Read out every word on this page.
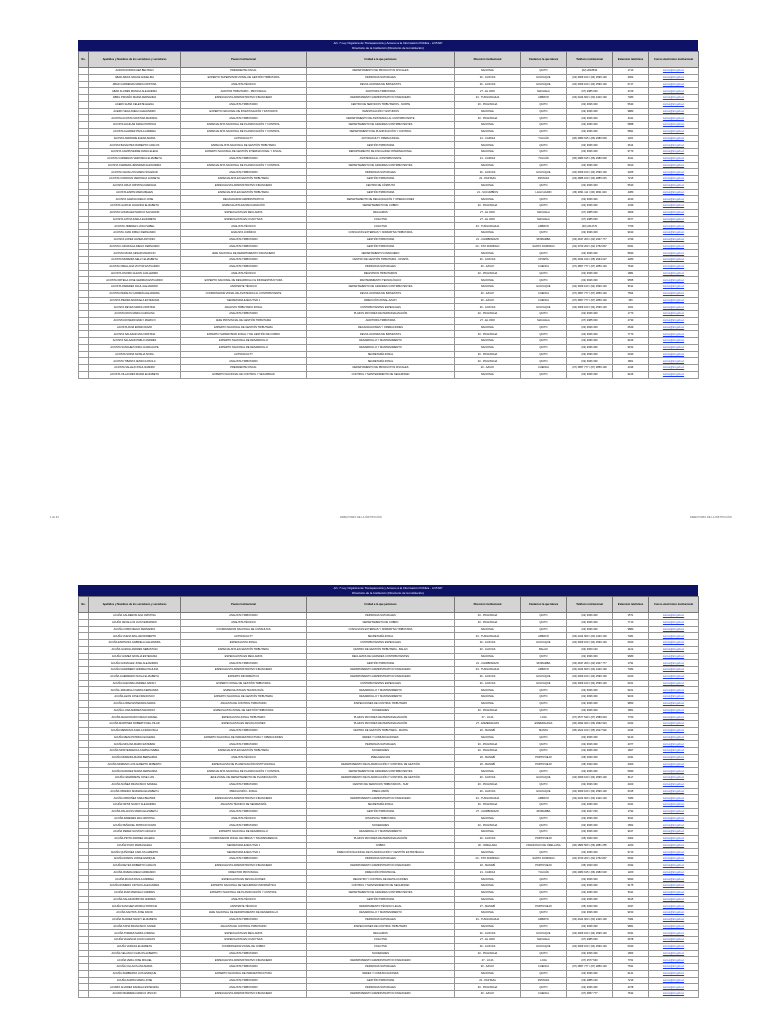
Art. 7 Ley Orgánica de Transparencia y Acceso a la Información Pública - LOTAIP
Directorio de la Institución (Directorio de la institución)
No.	Apellidos y Nombres de los servidores y servidoras	Puesto Institucional	Unidad a la que pertenece	Dirección institucional	Ciudad en la que labora	Teléfono institucional	Extensión telefónica	Correo electrónico institucional
	AARON RODRIGUEZ BELTRAN	PRESIDENTE FISCAL	DEPARTAMENTO DE PRODUCTOS FISCALES	NACIONAL	QUITO	(02) 2618510	1710	correo@sri.gob.ec
	ABAD ARIAS GRACE ANGELINA	EXPERTO SUPERVISOR ZONAL DE GESTIÓN TRIBUTARIA	PERSONAS NATURALES	20 - GUAYAS	GUAYAQUIL	(04) 3009 100 / (04) 2599 100	3062	correo@sri.gob.ec
	ABAD CARDENAS MARIA CRISTINA	ANALISTA TÉCNICO	DEVOLUCIONES DE IMPUESTOS	20 - GUAYAS	GUAYAQUIL	(04) 3009 100 / (04) 2599 100	6717	correo@sri.gob.ec
	ABAD FLORES MONICA ALEJANDRA	AUDITOR TRIBUTARIO - PROVINCIAL	AUDITORIA TRIBUTARIA	27 - EL ORO	MACHALA	(07) 2985 000	2729	correo@sri.gob.ec
	ABRIL PROAÑO MARIA FERNANDA	ESPECIALISTA ADMINISTRATIVO FINANCIERO	DEPARTAMENTO ADMINISTRATIVO FINANCIERO	23 - TUNGURAHUA	AMBATO	(03) 2424 600 / (03) 2420 100	7480	correo@sri.gob.ec
	ACERO ALBIA CELESTE ELENA	ANALISTA TRIBUTARIO	CENTRO DE SERVICIOS TRIBUTARIOS - NORTE	20 - PICHINCHA	QUITO	(02) 3936 300	5633	correo@sri.gob.ec
	ACERO VEGA DIEGO ALEJANDRO	EXPERTO NACIONAL DE INVESTIGACIÓN Y ESTUDIOS	INVESTIGACIÓN Y ESTUDIOS	NACIONAL	QUITO	(02) 3936 300	9880	correo@sri.gob.ec
	ACOSTA ACOSTA CRISTINA MARISOL	ANALISTA TRIBUTARIO	DEPARTAMENTO DE ASISTENCIA AL CONTRIBUYENTE	20 - PICHINCHA	QUITO	(02) 3936 300	4011	correo@sri.gob.ec
	ACOSTA AGUILAR DIANA PATRICIA	ESPECIALISTA NACIONAL DE PLANIFICACIÓN Y CONTROL	DEPARTAMENTO DE GRANDES CONTRIBUYENTES	NACIONAL	QUITO	(02) 3936 300	5888	correo@sri.gob.ec
	ACOSTA ALVAREZ PAOLA ANDREA	ESPECIALISTA NACIONAL DE PLANIFICACIÓN Y CONTROL	DEPARTAMENTO DE PLANIFICACIÓN Y CONTROL	NACIONAL	QUITO	(02) 3936 300	5891	correo@sri.gob.ec
	ACOSTA ANDRADE ELENA MARIA	AUTOFACULTY	AUTOFACULTY OPERACIONAL	21 - CARCHI	TULCÁN	(06) 2980 615 / (06) 2980 618	1201	correo@sri.gob.ec
	ACOSTA BASANTES ROBERTO CARLOS	ESPECIALISTA NACIONAL DE GESTIÓN TRIBUTARIA	GESTIÓN TRIBUTARIA	NACIONAL	QUITO	(02) 3936 300	3614	correo@sri.gob.ec
	ACOSTA CAMPOVERDE DIANA ELENA	EXPERTO NACIONAL DE GESTIÓN INTERNACIONAL Y FISCAL	DEPARTAMENTO DE FISCALIDAD INTERNACIONAL	NACIONAL	QUITO	(02) 3936 300	9770	correo@sri.gob.ec
	ACOSTA CARDENAS VERONICA ELIZABETH	ANALISTA TRIBUTARIO	ASISTENCIA AL CONTRIBUYENTE	21 - CARCHI	TULCÁN	(06) 2980 615 / (06) 2980 618	4011	correo@sri.gob.ec
	ACOSTA CARRERA JENNIFER ALEXANDRA	ESPECIALISTA NACIONAL DE PLANIFICACIÓN Y CONTROL	DEPARTAMENTO DE GRANDES CONTRIBUYENTES	NACIONAL	QUITO	(02) 3936 300	5910	correo@sri.gob.ec
	ACOSTA CEVALLOS MARIA SOLEDAD	ANALISTA TRIBUTARIO	PERSONAS NATURALES	20 - GUAYAS	GUAYAQUIL	(04) 3009 100 / (04) 2599 100	3265	correo@sri.gob.ec
	ACOSTA CORDOVA VERONICA JANNETH	ESPECIALISTA EN GESTIÓN TRIBUTARIA	GESTIÓN TRIBUTARIA	22 - PASTAZA	PASTAZA	(03) 2885 100 / (03) 2885 015	7215	correo@sri.gob.ec
	ACOSTA CRUZ CRISTINA MARIANA	ESPECIALISTA ADMINISTRATIVO FINANCIERO	CENTRO DE CÓMPUTO	NACIONAL	QUITO	(02) 3936 300	5630	correo@sri.gob.ec
	ACOSTA ESPIN MARIA BELEN	ESPECIALISTA EN GESTIÓN TRIBUTARIA	GESTIÓN TRIBUTARIA	21 - SUCUMBÍOS	LAGO AGRIO	(06) 2831 111 / (06) 2831 020	4380	correo@sri.gob.ec
	ACOSTA GARCIA DIEGO JOSE	RECAUDADOR ADMINISTRATIVO	DEPARTAMENTO DE RECAUDACIÓN Y OPERACIONES	NACIONAL	QUITO	(02) 3936 300	4190	correo@sri.gob.ec
	ACOSTA GARCIA JOHANNA ELIZABETH	ESPECIALISTA EN RECAUDACIÓN	DEPARTAMENTO DE COBRO	20 - PICHINCHA	QUITO	(02) 3936 300	1339	correo@sri.gob.ec
	ACOSTA GONZALEZ MARCO SALVADOR	ESPECIALISTA EN RECLAMOS	RECLAMOS	27 - EL ORO	MACHALA	(07) 2985 000	2669	correo@sri.gob.ec
	ACOSTA JATIVA KARLA ELIZABETH	ESPECIALISTA EN COACTIVAS	COACTIVA	27 - EL ORO	MACHALA	(07) 2985 000	2677	correo@sri.gob.ec
	ACOSTA JIMENEZ LUCIA ISABEL	ANALISTA TÉCNICO	COACTIVA	23 - TUNGURAHUA	AMBATO	(03) 2411770	7769	correo@sri.gob.ec
	ACOSTA JUAN PABLO FERNANDO	ANALISTA JURÍDICO	CONSULTAS EXTERNAS Y NORMATIVA TRIBUTARIA	NACIONAL	QUITO	(02) 3936 300	9190	correo@sri.gob.ec
	ACOSTA LOPEZ JAVIER ANTONIO	ANALISTA TRIBUTARIO	GESTIÓN TRIBUTARIA	21 - CHIMBORAZO	RIOBAMBA	(03) 2947 200 / (03) 2947 777	1799	correo@sri.gob.ec
	ACOSTA LUZURIAGA DIEGO FERNANDO	ANALISTA TRIBUTARIO	GESTIÓN TRIBUTARIA	23 - STO DOMINGO	SANTO DOMINGO	(02) 3760 200 / (02) 2752 837	6931	correo@sri.gob.ec
	ACOSTA MORA CESAR MAURICIO	JEFE NACIONAL DE DEPARTAMENTO FINANCIERO	DEPARTAMENTO FINANCIERO	NACIONAL	QUITO	(02) 3936 300	5830	correo@sri.gob.ec
	ACOSTA MOREIRA NELLY ELIZABETH	ANALISTA TRIBUTARIO	CENTRO DE GESTIÓN TRIBUTARIA - UPIAPÍA	20 - GUAYAS	UPIAPÍA	(05) 2934 010 / (05) 2934 027	4280	correo@sri.gob.ec
	ACOSTA ORELLANA VICTOR ESTUARDO	ANALISTA TRIBUTARIO	PERSONAS NATURALES	20 - AZUAY	CUENCA	(07) 2857 777 / (07) 2859 100	7630	correo@sri.gob.ec
	ACOSTA OSORIO ALEXIS GUILLERMO	ANALISTA TÉCNICO	REGISTROS TRIBUTARIOS	20 - PICHINCHA	QUITO	(02) 3936 300	1881	correo@sri.gob.ec
	ACOSTA ORTEGA JOSE GERMAN ESTUARDO	EXPERTO NACIONAL DE DESARROLLO E INFRAESTRUCTURA	MANTENIMIENTO TECNOLÓGICO	NACIONAL	QUITO	(02) 3936 300	9555	correo@sri.gob.ec
	ACOSTA PAREDES RAUL ALEJANDRO	ASISTENTE TÉCNICO	DEPARTAMENTO DE GRANDES CONTRIBUYENTES	NACIONAL	GUAYAQUIL	(04) 3009 100 / (04) 2599 100	6611	correo@sri.gob.ec
	ACOSTA PERALTA CARMEN ALEJANDRA	COORDINADOR ZONAL DE ASISTENCIA AL CONTRIBUYENTE	DEVOLUCIONES DE IMPUESTOS	20 - AZUAY	CUENCA	(07) 2857 777 / (07) 2859 100	7564	correo@sri.gob.ec
	ACOSTA PIEDRA MARICELA ESTEFANIA	SECRETARIA EJECUTIVA 1	DIRECCIÓN ZONAL AZUAY	20 - AZUAY	CUENCA	(07) 2857 777 / (07) 2859 100	335	correo@sri.gob.ec
	ACOSTA REYES MARIA CRISTINA	ANALISTA TRIBUTARIO ZONAL	CONTRIBUYENTES ESPECIALES	20 - GUAYAS	GUAYAQUIL	(04) 3009 100 / (04) 2599 100	1021	correo@sri.gob.ec
	ACOSTA RIOS MARIA CAROLINA	ANALISTA TRIBUTARIO	PLAZOS MAYORES DE PERSONALIZACIÓN	20 - PICHINCHA	QUITO	(02) 3936 300	1770	correo@sri.gob.ec
	ACOSTA ROSERO EMILY MARIUXI	JEFE PROVINCIAL DE GESTIÓN TRIBUTARIA	AUDITORIA TRIBUTARIA	27 - EL ORO	MACHALA	(07) 2985 000	2730	correo@sri.gob.ec
	ACOSTA RUIZ EDWIN DAVID	EXPERTO NACIONAL DE GESTIÓN TRIBUTARIA	RECAUDACIONES Y OPERACIONES	NACIONAL	QUITO	(02) 3936 300	6549	correo@sri.gob.ec
	ACOSTA SALAZAR ANA CRISTINA	EXPERTO SUPERVISOR ZONAL Y DE GESTIÓN DE COBRO	DEVOLUCIONES DE IMPUESTOS	20 - PICHINCHA	QUITO	(02) 3936 300	7770	correo@sri.gob.ec
	ACOSTA SALAZAR PABLO ANDRES	EXPERTO NACIONAL DE DESARROLLO	DESARROLLO Y MANTENIMIENTO	NACIONAL	QUITO	(02) 3936 300	9166	correo@sri.gob.ec
	ACOSTA SANCHEZ NORA GUADALUPE	EXPERTO NACIONAL DE DESARROLLO	DESARROLLO Y MANTENIMIENTO	NACIONAL	QUITO	(02) 3936 300	9152	correo@sri.gob.ec
	ACOSTA SORIA NATALIA SOFIA	AUTOFACULTY	SECRETARÍA ZONAL	20 - PICHINCHA	QUITO	(02) 3936 300	2040	correo@sri.gob.ec
	ACOSTA TIBANTA JESSICA PAOLA	ANALISTA TRIBUTARIO	SECRETARÍA ZONAL	20 - PICHINCHA	QUITO	(02) 3936 300	1801	correo@sri.gob.ec
	ACOSTA VALLEJO PAUL RAMIRO	PRESIDENTE FISCAL	DEPARTAMENTO DE PRODUCTOS FISCALES	20 - AZUAY	CUENCA	(07) 2857 777 / (07) 2859 100	2436	correo@sri.gob.ec
	ACOSTA VILLACRES MARIA ELIZABETH	EXPERTO NACIONAL DE CONTROL Y SEGURIDAD	CONTROL Y MANTENIMIENTO DE SEGURIDAD	NACIONAL	QUITO	(02) 3936 300	9166	correo@sri.gob.ec
1 de 34	DIRECTORIO DE LA INSTITUCIÓN	DIRECTORIO DE LA INSTITUCIÓN
Art. 7 Ley Orgánica de Transparencia y Acceso a la Información Pública - LOTAIP
Directorio de la Institución (Directorio de la institución)
No.	Apellidos y Nombres de los servidores y servidoras	Puesto Institucional	Unidad a la que pertenece	Dirección institucional	Ciudad en la que labora	Teléfono institucional	Extensión telefónica	Correo electrónico institucional
	ACUÑA CALDERON ANA CRISTINA	ANALISTA TRIBUTARIO	PERSONAS NATURALES	20 - PICHINCHA	QUITO	(02) 3936 300	1571	correo@sri.gob.ec
	ACUÑA CEVALLOS LUIS FERNANDO	ANALISTA TÉCNICO	DEPARTAMENTO DE COBRO	20 - PICHINCHA	QUITO	(02) 3936 300	7710	correo@sri.gob.ec
	ACUÑA COBO DIEGO FERNANDO	COORDINADOR NACIONAL DE CONSULTAS	CONSULTAS EXTERNAS Y NORMATIVA TRIBUTARIA	NACIONAL	QUITO	(02) 3936 300	9880	correo@sri.gob.ec
	ACUÑA CUEVA WILLIAM ROBERTO	AUTOFACULTY	SECRETARÍA ZONAL	23 - TUNGURAHUA	AMBATO	(03) 2424 600 / (03) 2420 100	7481	correo@sri.gob.ec
	ACUÑA ESPINOZA GABRIELA ALEJANDRA	ESPECIALISTA ZONAL	CONTRIBUYENTES ESPECIALES	20 - GUAYAS	GUAYAQUIL	(04) 3009 100 / (04) 2599 100	6020	correo@sri.gob.ec
	ACUÑA GARCIA ANDRES SEBASTIAN	ESPECIALISTA EN GESTIÓN TRIBUTARIA	CENTRO DE GESTIÓN TRIBUTARIA - BALAO	20 - GUAYAS	BALAO	(04) 3009 100	1122	correo@sri.gob.ec
	ACUÑA GOMEZ NATALIA ESTEFANIA	ESPECIALISTA EN RECLAMOS	RECLAMOS DE GRANDES CONTRIBUYENTES	NACIONAL	QUITO	(02) 3936 300	9680	correo@sri.gob.ec
	ACUÑA GONZALEZ JOSE ALEJANDRO	ANALISTA TRIBUTARIO	GESTIÓN TRIBUTARIA	21 - CHIMBORAZO	RIOBAMBA	(03) 2947 200 / (03) 2947 777	1791	correo@sri.gob.ec
	ACUÑA GUERRERO ANDREA PAULINA	ESPECIALISTA ADMINISTRATIVO FINANCIERO	DEPARTAMENTO ADMINISTRATIVO FINANCIERO	23 - TUNGURAHUA	AMBATO	(03) 2424 600 / (03) 2420 100	7482	correo@sri.gob.ec
	ACUÑA GUERRERO PAOLA ELIZABETH	EXPERTO INFORMÁTICO	DEPARTAMENTO ADMINISTRATIVO FINANCIERO	20 - GUAYAS	GUAYAQUIL	(04) 3009 100 / (04) 2599 100	6220	correo@sri.gob.ec
	ACUÑA GUEVARA ANDREA NATALY	EXPERTO ZONAL DE GESTIÓN TRIBUTARIA	CONTRIBUYENTES ESPECIALES	20 - GUAYAS	GUAYAQUIL	(04) 3009 100 / (04) 2599 100	6221	correo@sri.gob.ec
	ACUÑA JARAMILLO MARIA FERNANDA	ESPECIALISTA EN TECNOLOGÍA	DESARROLLO Y MANTENIMIENTO	NACIONAL	QUITO	(02) 3936 300	9161	correo@sri.gob.ec
	ACUÑA LEON JOSE FRANCISCO	EXPERTO NACIONAL DE GESTIÓN TRIBUTARIA	DESARROLLO Y MANTENIMIENTO	NACIONAL	QUITO	(02) 3936 300	9163	correo@sri.gob.ec
	ACUÑA LOPEZ ESTEFANIA MARIA	ANALISTA DE CONTROL TRIBUTARIO	INSPECCIONES DE CONTROL TRIBUTARIO	NACIONAL	QUITO	(02) 3936 300	9850	correo@sri.gob.ec
	ACUÑA LUNA ANDRES MAURICIO	ESPECIALISTA ZONAL DE GESTIÓN TRIBUTARIA	SOCIEDADES	20 - PICHINCHA	QUITO	(02) 3936 300	1861	correo@sri.gob.ec
	ACUÑA MALDONADO DIEGO RAFAEL	ESPECIALISTA ZONAL TRIBUTARIO	PLAZOS MAYORES DE PERSONALIZACIÓN	27 - LOJA	LOJA	(07) 2577 540 / (07) 2589 904	7760	correo@sri.gob.ec
	ACUÑA MARTINEZ ROBERTO DEL PILAR	ESPECIALISTA EN DEVOLUCIONES	PLAZOS MAYORES DE PERSONALIZACIÓN	27 - ESMERALDAS	ESMERALDAS	(06) 2992 920 / (06) 2992 923	6322	correo@sri.gob.ec
	ACUÑA MENDOZA KARLA FRANCISCA	ANALISTA TRIBUTARIO	CENTRO DE GESTIÓN TRIBUTARIA - MANTA	20 - MANABÍ	MANTA	(05) 2622 100 / (05) 2627 502	2044	correo@sri.gob.ec
	ACUÑA MEZA PATRICIA EUGENIA	EXPERTO NACIONAL DE INFRAESTRUCTURA Y OPERACIONES	REDES Y COMUNICACIONES	NACIONAL	QUITO	(02) 3936 300	9140	correo@sri.gob.ec
	ACUÑA MOLINA MARIO ESTEBAN	ANALISTA TRIBUTARIO	PERSONAS NATURALES	20 - PICHINCHA	QUITO	(02) 3936 300	4377	correo@sri.gob.ec
	ACUÑA MONTESDEOCA KARINA ISABEL	ESPECIALISTA EN GESTIÓN TRIBUTARIA	SOCIEDADES	20 - PICHINCHA	QUITO	(02) 3936 300	1827	correo@sri.gob.ec
	ACUÑA MOREIRA MARIA BERNARDA	ANALISTA TÉCNICO	PRELIGENCIAS	20 - MANABÍ	PORTOVIEJO	(05) 2930 300	2031	correo@sri.gob.ec
	ACUÑA MORENO LUIS ALBERTO ROBERTO	ESPECIALISTA DE PLANIFICACIÓN INSTITUCIONAL	DEPARTAMENTO DE PLANIFICACIÓN Y CONTROL DE GESTIÓN	20 - MANABÍ	PORTOVIEJO	(05) 2930 300	2000	correo@sri.gob.ec
	ACUÑA NARVAEZ MARIA FERNANDA	ESPECIALISTA NACIONAL DE PLANIFICACIÓN Y CONTROL	DEPARTAMENTO DE GRANDES CONTRIBUYENTES	NACIONAL	QUITO	(02) 3936 300	5990	correo@sri.gob.ec
	ACUÑA NAVARRETE JOSE LUIS	JEFE ZONAL DE DEPARTAMENTO DE PLANIFICACIÓN	DEPARTAMENTO DE PLANIFICACIÓN Y CONTROL DE GESTIÓN	20 - GUAYAS	GUAYAQUIL	(04) 3009 100 / (04) 2599 100	6117	correo@sri.gob.ec
	ACUÑA NUÑEZ FRANCISCO SAMUEL	ANALISTA TRIBUTARIO	CENTRO DE SERVICIOS TRIBUTARIOS - SUR	20 - PICHINCHA	QUITO	(02) 3936 300	4320	correo@sri.gob.ec
	ACUÑA OBANDO MARIANA ELIZABETH	PRECLUSIÓN - ZONAL	PRECLUSIÓN	20 - GUAYAS	GUAYAQUIL	(04) 3009 100 / (04) 2599 100	6015	correo@sri.gob.ec
	ACUÑA ORDOÑEZ SARA BEATRIZ	ESPECIALISTA ADMINISTRATIVO FINANCIERO	DEPARTAMENTO ADMINISTRATIVO FINANCIERO	23 - TUNGURAHUA	AMBATO	(03) 2424 600 / (03) 2420 100	7483	correo@sri.gob.ec
	ACUÑA ORTIZ NANCY ALEJANDRA	ANALISTA TÉCNICO DE SECRETARÍA	SECRETARÍA ZONAL	20 - PICHINCHA	QUITO	(02) 3936 300	2041	correo@sri.gob.ec
	ACUÑA PALACIOS MARIA ELIZABETH	ANALISTA TRIBUTARIO	GESTIÓN TRIBUTARIA	27 - CHIMBORAZO	RIOBAMBA	(03) 2947 200	1792	correo@sri.gob.ec
	ACUÑA PAREDES ANA CRISTINA	ANALISTA TÉCNICO	DISCIPLINA TRIBUTARIA	NACIONAL	QUITO	(02) 3936 300	6911	correo@sri.gob.ec
	ACUÑA PEÑAFIEL PATRICIO DAVID	ANALISTA TRIBUTARIO	SOCIEDADES	20 - PICHINCHA	QUITO	(02) 3936 300	1862	correo@sri.gob.ec
	ACUÑA PEREZ GUSTAVO ADOLFO	EXPERTO NACIONAL DE DESARROLLO	DESARROLLO Y MANTENIMIENTO	NACIONAL	QUITO	(02) 3936 300	9167	correo@sri.gob.ec
	ACUÑA PINTO ANDREA VALERIA	COORDINADOR ZONAL DE OBRAS Y TRANSPARENCIA	PLAZOS MAYORES DE PERSONALIZACIÓN	20 - GUAYAS	PORTOVIEJO	(05) 2930 300	2002	correo@sri.gob.ec
	ACUÑA POZO MARIA ELENA	SECRETARIA EJECUTIVA 1	COBRO	20 - ORELLANA	FRANCISCO DE ORELLANA	(06) 2882 500 / (06) 2881 255	4260	correo@sri.gob.ec
	ACUÑA QUIÑONEZ CARLOS ALBERTO	SECRETARIA EJECUTIVA 1	DIRECCIÓN NACIONAL DE PLANIFICACIÓN Y GESTIÓN ESTRATÉGICA	NACIONAL	QUITO	(02) 3936 300	9710	correo@sri.gob.ec
	ACUÑA RAMOS JORGE ENRIQUE	ANALISTA TRIBUTARIO	PERSONAS NATURALES	23 - STO DOMINGO	SANTO DOMINGO	(02) 3760 200 / (02) 2752 837	6932	correo@sri.gob.ec
	ACUÑA REYES ROBERTO CARLOS	ESPECIALISTA ADMINISTRATIVO FINANCIERO	DEPARTAMENTO ADMINISTRATIVO FINANCIERO	20 - MANABÍ	PORTOVIEJO	(05) 2930 300	2032	correo@sri.gob.ec
	ACUÑA RIVERA DIEGO ARMANDO	DIRECTOR PROVINCIAL	DIRECCIÓN PROVINCIAL	21 - CARCHI	TULCÁN	(06) 2980 615 / (06) 2980 618	1200	correo@sri.gob.ec
	ACUÑA ROJAS PAOLA ANDREA	ESPECIALISTA EN DEVOLUCIONES	REGISTRO Y CONTROL DE DEVOLUCIONES	NACIONAL	QUITO	(02) 3936 300	9693	correo@sri.gob.ec
	ACUÑA ROMERO CINTHYA ALEXANDRA	EXPERTO NACIONAL DE SEGURIDAD INFORMÁTICA	CONTROL Y MANTENIMIENTO DE SEGURIDAD	NACIONAL	QUITO	(02) 3936 300	9175	correo@sri.gob.ec
	ACUÑA RUIZ MARCELO ANDRES	EXPERTO NACIONAL DE PLANIFICACIÓN Y CONTROL	DEPARTAMENTO DE GRANDES CONTRIBUYENTES	NACIONAL	QUITO	(02) 3936 300	5911	correo@sri.gob.ec
	ACUÑA SALAZAR BRYAN ANDRES	ANALISTA TÉCNICO	GESTIÓN TRIBUTARIA	NACIONAL	QUITO	(02) 3936 300	3615	correo@sri.gob.ec
	ACUÑA SANCHEZ MONICA PATRICIA	ASISTENTE TÉCNICO	DEPARTAMENTO TÉCNICO LEGAL	27 - MANABÍ	PORTOVIEJO	(05) 2930 300	2037	correo@sri.gob.ec
	ACUÑA SANTOS JOSE DAVID	JEFE NACIONAL DE DEPARTAMENTO DE DESARROLLO	DESARROLLO Y MANTENIMIENTO	NACIONAL	QUITO	(02) 3936 300	9150	correo@sri.gob.ec
	ACUÑA SUAREZ NANCY ELIZABETH	ANALISTA TRIBUTARIO	PERSONAS NATURALES	23 - TUNGURAHUA	AMBATO	(03) 2424 600 / (03) 2420 100	7484	correo@sri.gob.ec
	ACUÑA TAPIA FRANCISCO JAVIER	ANALISTA DE CONTROL TRIBUTARIO	INSPECCIONES DE CONTROL TRIBUTARIO	NACIONAL	QUITO	(02) 3936 300	9851	correo@sri.gob.ec
	ACUÑA TORRES MARIA LORENA	ESPECIALISTA EN RECLAMOS	RECLAMOS	20 - GUAYAS	GUAYAQUIL	(04) 3009 100 / (04) 2599 100	6031	correo@sri.gob.ec
	ACUÑA VALENCIA JUAN CARLOS	ESPECIALISTA EN COACTIVAS	COACTIVA	27 - EL ORO	MACHALA	(07) 2985 000	2678	correo@sri.gob.ec
	ACUÑA VARGAS ELIZABETH	COORDINADOR ZONAL DE COBRO	COACTIVA	20 - GUAYAS	GUAYAQUIL	(04) 3009 100 / (04) 2599 100	6040	correo@sri.gob.ec
	ACUÑA VELASCO CARLOS ALBERTO	ANALISTA TRIBUTARIO	SOCIEDADES	20 - PICHINCHA	QUITO	(02) 3936 300	1863	correo@sri.gob.ec
	ACUÑA VERA JOSE MIGUEL	ESPECIALISTA ADMINISTRATIVO FINANCIERO	DEPARTAMENTO ADMINISTRATIVO FINANCIERO	27 - LOJA	LOJA	(07) 2577 540	7761	correo@sri.gob.ec
	ACUÑA VILLACIS ANA MARIA	ANALISTA TRIBUTARIO	PERSONAS NATURALES	20 - AZUAY	CUENCA	(07) 2857 777 / (07) 2859 100	7631	correo@sri.gob.ec
	ACUÑA ZAMBRANO LUIS ENRIQUE	EXPERTO NACIONAL DE INFRAESTRUCTURA	REDES Y COMUNICACIONES	NACIONAL	QUITO	(02) 3936 300	9141	correo@sri.gob.ec
	ACUÑA ZAPATA MARIA JOSE	ANALISTA TRIBUTARIO	GESTIÓN TRIBUTARIA	22 - PASTAZA	PASTAZA	(03) 2885 100	7216	correo@sri.gob.ec
	ACURIO ALVAREZ DANIELA ESTEFANIA	ANALISTA TRIBUTARIO	PERSONAS NATURALES	20 - PICHINCHA	QUITO	(02) 3936 300	4378	correo@sri.gob.ec
	ACURIO BARRERA MARCO VINICIO	ESPECIALISTA ADMINISTRATIVO FINANCIERO	DEPARTAMENTO ADMINISTRATIVO FINANCIERO	20 - AZUAY	CUENCA	(07) 2857 777	7632	correo@sri.gob.ec
